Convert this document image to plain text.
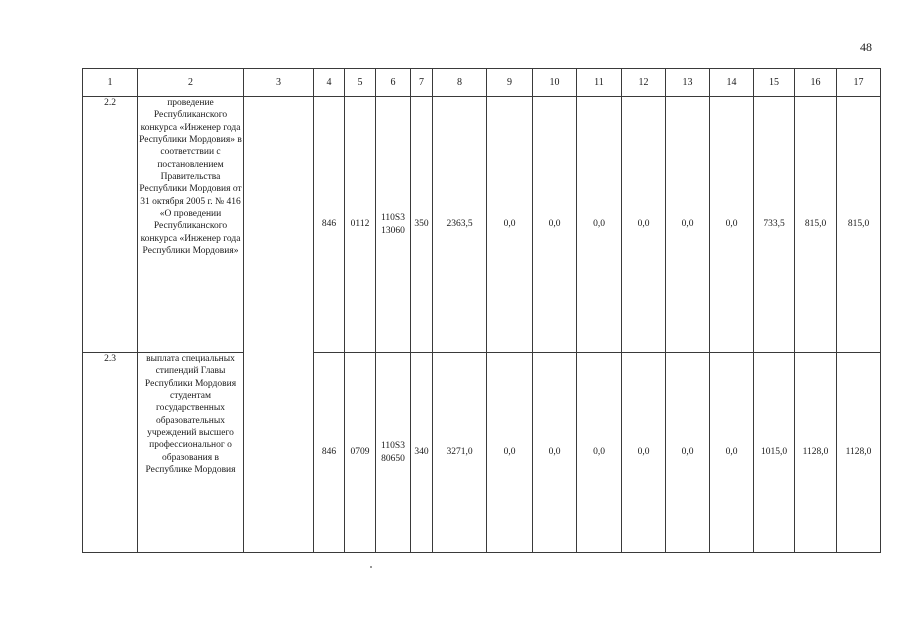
48
1	2	3	4	5	6	7	8	9	10	11	12	13	14	15	16	17
2.2	проведение Республиканского конкурса «Инженер года Республики Мордовия» в соответствии с постановлением Правительства Республики Мордовия от 31 октября 2005 г. № 416 «О проведении Республиканского конкурса «Инженер года Республики Мордовия»		846	0112	110S3 13060	350	2363,5	0,0	0,0	0,0	0,0	0,0	0,0	733,5	815,0	815,0
2.3	выплата специальных стипендий Главы Республики Мордовия студентам государственных образовательных учреждений высшего профессиональног о образования в Республике Мордовия		846	0709	110S3 80650	340	3271,0	0,0	0,0	0,0	0,0	0,0	0,0	1015,0	1128,0	1128,0
